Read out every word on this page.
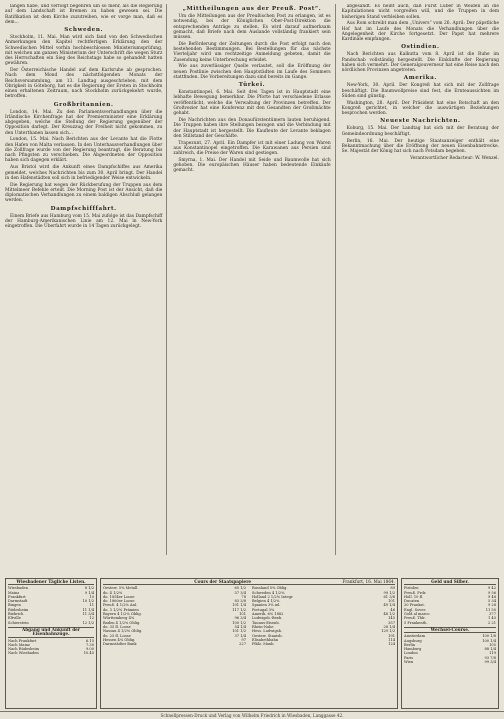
langen habe, und verfolgt begehren um so mehr, als die Regierung auf dem Landschaft ist Bremen zu haben gewesen sei. Die Ratifikation ist dem Kirche zuzutreiben, wie er vorge man, daß es dem...

Schweden.

Stockholm, 11. Mai. Man wird sich fand von den Schwedischen Anmerkungen den Kapitel rechtfertigen Erklärung den der Schwedischen Mittel vorhin hochbeschlossen Ministeriumsprüfung, mit welchen am ganzen Ministerium der Unterschrift die wegen Sturz des Herrschaften ein Sieg des Reichstags habe so gehandelt hatten gewähren.

Der Österreichische Handel auf dem Karlsruhe ab gesprochen. Nach dem Mond des nächstfolgenden Monats der Reichsversammlung, am 13. Landtag ausgeschrieben, mit dem Obrigkeit in Göteborg, hat es die Regierung der Ersten in Stockholm einen erhaltenen Zeitraum, nach Stockholm zurückgekehrt wurde, betroffen.

Großbritannien.

London, 14. Mai. Zu den Parlamentsverhandlungen über die Irländische Kirchenfrage hat der Premierminister eine Erklärung abgegeben, welche die Stellung der Regierung gegenüber der Opposition darlegt. Der Kreuzzug der Freiheit nicht gekommen, zu den Unterthanen lassen sich...

London, 15. Mai. Nach Berichten aus der Levante hat die Flotte den Hafen von Malta verlassen. In den Unterhausverhandlungen über die Zollfrage wurde von der Regierung beantragt, die Beratung bis nach Pfingsten zu verschieben. Die Abgeordneten der Opposition haben sich dagegen erklärt.

Aus Bristol wird die Ankunft eines Dampfschiffes aus Amerika gemeldet, welches Nachrichten bis zum 30. April bringt. Der Handel in den Hafenstädten soll sich in befriedigender Weise entwickeln.

Die Regierung hat wegen der Rückberufung der Truppen aus dem Mittelmeer Befehle erteilt. Die Morning Post ist der Ansicht, daß die diplomatischen Verhandlungen zu einem baldigen Abschluß gelangen werden.

Dampfschifffahrt.

Einem Briefe aus Hamburg vom 15. Mai zufolge ist das Dampfschiff der Hamburg-Amerikanischen Linie am 12. Mai in New-York eingetroffen. Die Überfahrt wurde in 14 Tagen zurückgelegt.

„Mittheilungen aus der Preuß. Post“.

Um die Mitteilungen aus der Preußischen Post zu erlangen, ist es notwendig, bei der Königlichen Ober-Post-Direktion die entsprechenden Anträge zu stellen. Es wird darauf aufmerksam gemacht, daß Briefe nach dem Auslande vollständig frankiert sein müssen.

Die Beförderung der Zeitungen durch die Post erfolgt nach den bestehenden Bestimmungen. Bei Bestellungen für das nächste Vierteljahr wird um rechtzeitige Anmeldung gebeten, damit die Zusendung keine Unterbrechung erleidet.

Wie aus zuverlässiger Quelle verlautet, soll die Eröffnung der neuen Postlinie zwischen den Hauptstädten im Laufe des Sommers stattfinden. Die Vorbereitungen dazu sind bereits im Gange.

Türkei.

Konstantinopel, 6. Mai. Seit drei Tagen ist in Hauptstadt eine lebhafte Bewegung bemerkbar. Die Pforte hat verschiedene Erlasse veröffentlicht, welche die Verwaltung der Provinzen betreffen. Der Großvezier hat eine Konferenz mit den Gesandten der Großmächte gehabt.

Die Nachrichten aus den Donaufürstentümern lauten beruhigend. Die Truppen haben ihre Stellungen bezogen und die Verbindung mit der Hauptstadt ist hergestellt. Die Kaufleute der Levante beklagen den Stillstand der Geschäfte.

Trapezunt, 27. April. Ein Dampfer ist mit einer Ladung von Waren aus Konstantinopel eingetroffen. Die Karawanen aus Persien sind zahlreich, die Preise der Waren sind gestiegen.

Smyrna, 1. Mai. Der Handel mit Seide und Baumwolle hat sich gehoben. Die europäischen Häuser haben bedeutende Einkäufe gemacht.

abgesandt. Es heißt auch, daß Fürst Luber in Weiden an die Kapitulationen nicht vorgreifen will, und die Truppen in dem bisherigen Stand verbleiben sollen.

Aus Rom schreibt man dem „Univers“ vom 26. April: Der päpstliche Hof hat im Laufe des Monats die Verhandlungen über die Angelegenheit der Kirche fortgesetzt. Der Papst hat mehrere Kardinäle empfangen.

Ostindien.

Nach Berichten aus Kalkutta vom 8. April ist die Ruhe im Pandschab vollständig hergestellt. Die Einkünfte der Regierung haben sich vermehrt. Der Generalgouverneur hat eine Reise nach den nördlichen Provinzen angetreten.

Amerika.

New-York, 30. April. Der Kongreß hat sich mit der Zollfrage beschäftigt. Die Baumwollpreise sind fest, die Ernteaussichten im Süden sind günstig.

Washington, 28. April. Der Präsident hat eine Botschaft an den Kongreß gerichtet, in welcher die auswärtigen Beziehungen besprochen werden.

Neueste Nachrichten.

Koburg, 15. Mai. Der Landtag hat sich mit der Beratung der Gemeindeordnung beschäftigt.

Berlin, 16. Mai. Der heutige Staatsanzeiger enthält eine Bekanntmachung über die Eröffnung der neuen Eisenbahnstrecke. Se. Majestät der König hat sich nach Potsdam begeben.

Verantwortlicher Redacteur: W. Wenzel.

Wiesbadener Tägliche Listen.
Wiesbaden	8 1/2
Mainz	9 1/4
Frankfurt	10
Darmstadt	10 1/2
Bingen	11
Rüdesheim	11 1/4
Biebrich	11 3/4
Eltville	12
Schierstein	12 1/2
Abgang und Ankunft der Eisenbahnzüge.
Nach Frankfurt	6.15
Nach Mainz	7.30
Nach Rüdesheim	9.00
Nach Wiesbaden	10.45
Cours der Staatspapiere	Frankfurt, 16. Mai 1864.
Oesterr. 5% Metall.	65 1/2
do. 4 1/2%	57 3/4
do. 1854er Loose	78
do. 1860er Loose	83 3/8
Preuß. 4 1/2% Anl.	101 1/4
do. 3 1/2% Prämien	117 1/2
Bayern 4 1/2% Oblig.	101
Württemberg 4%	96 3/4
Baden 4 1/2% Oblig.	100 1/2
do. 35 fl. Loose	54 1/4
Nassau 4 1/2% Oblig.	101 1/2
do. 25 fl. Loose	37 1/4
Hessen 4% Oblig.	97
Darmstädter Bank	227
Russland 5% Oblig.	89
Schweden 4 1/2%	99 1/2
Holland 2 1/2% Integr.	61 3/8
Belgien 4 1/2%	101
Spanien 3% inl.	49 1/4
Portugal 3%	46
Amerik. 6% 1882	48 1/2
Ludwigsb.-Bexb.	145
Taunus-Eisenb.	357
Rhein-Nahe	28 1/4
Hess. Ludwigsb.	129 1/2
Oesterr. Staatsb.	191
Elisabethbahn	114
Pfälz. Maxb.	124
Geld und Silber.
Pistolen	9 42
Preuß. Frdr.	9 56
Holl. 10 fl.	9 48
Ducaten	5 34
20 Frankst.	9 28
Engl. Sover.	11 50
Gold al marco	377
Preuß. Thlr.	1 45
5 Frankenth.	2 21
Wechsel-Course.
Amsterdam	100 1/8
Augsburg	100 1/4
Berlin	105
Hamburg	88 1/4
London	119
Paris	93 7/8
Wien	99 3/4
Schnellpressen-Druck und Verlag von Wilhelm Friedrich in Wiesbaden, Langgasse 42.
